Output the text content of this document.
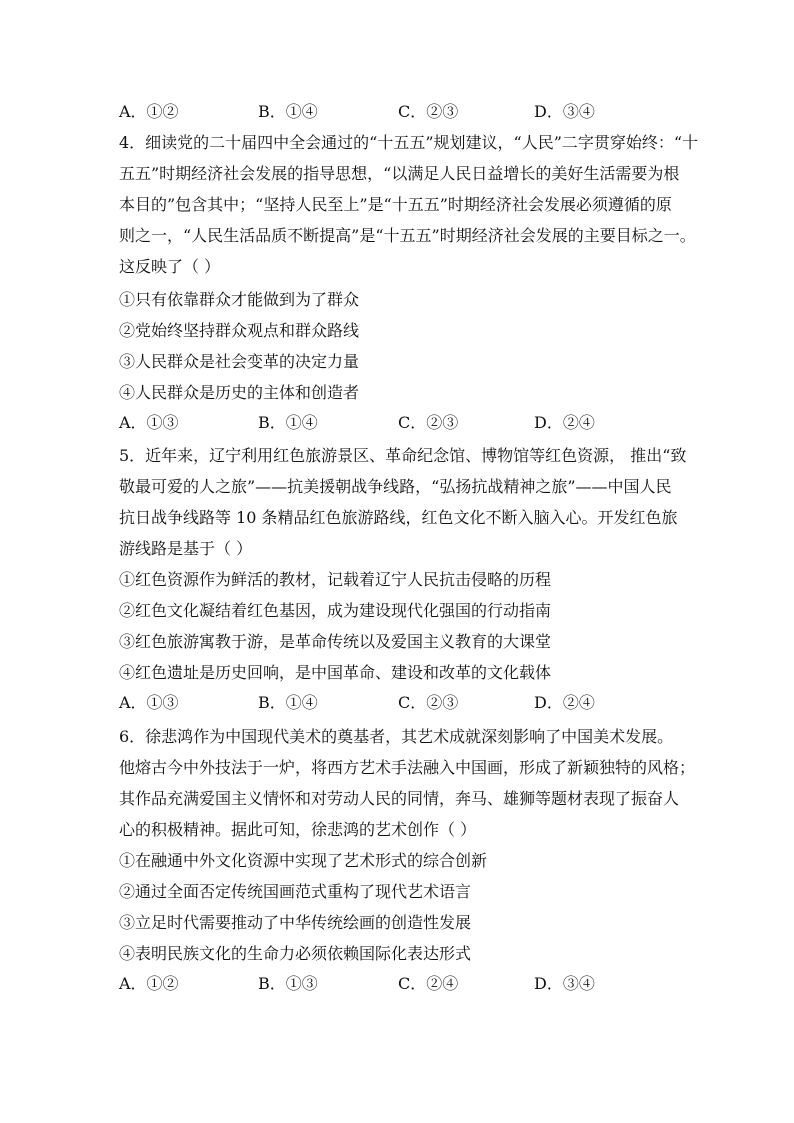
A．①②	B．①④	C．②③	D．③④
4．细读党的二十届四中全会通过的“十五五”规划建议，“人民”二字贯穿始终：“十
五五”时期经济社会发展的指导思想，“以满足人民日益增长的美好生活需要为根
本目的”包含其中；“坚持人民至上”是“十五五”时期经济社会发展必须遵循的原
则之一，“人民生活品质不断提高”是“十五五”时期经济社会发展的主要目标之一。
这反映了（ ）
①只有依靠群众才能做到为了群众
②党始终坚持群众观点和群众路线
③人民群众是社会变革的决定力量
④人民群众是历史的主体和创造者
A．①③	B．①④	C．②③	D．②④
5．近年来，辽宁利用红色旅游景区、革命纪念馆、博物馆等红色资源， 推出“致
敬最可爱的人之旅”——抗美援朝战争线路，“弘扬抗战精神之旅”——中国人民
抗日战争线路等 10 条精品红色旅游路线，红色文化不断入脑入心。开发红色旅
游线路是基于（ ）
①红色资源作为鲜活的教材，记载着辽宁人民抗击侵略的历程
②红色文化凝结着红色基因，成为建设现代化强国的行动指南
③红色旅游寓教于游，是革命传统以及爱国主义教育的大课堂
④红色遗址是历史回响，是中国革命、建设和改革的文化载体
A．①③	B．①④	C．②③	D．②④
6．徐悲鸿作为中国现代美术的奠基者，其艺术成就深刻影响了中国美术发展。
他熔古今中外技法于一炉，将西方艺术手法融入中国画，形成了新颖独特的风格；
其作品充满爱国主义情怀和对劳动人民的同情，奔马、雄狮等题材表现了振奋人
心的积极精神。据此可知，徐悲鸿的艺术创作（ ）
①在融通中外文化资源中实现了艺术形式的综合创新
②通过全面否定传统国画范式重构了现代艺术语言
③立足时代需要推动了中华传统绘画的创造性发展
④表明民族文化的生命力必须依赖国际化表达形式
A．①②	B．①③	C．②④	D．③④
